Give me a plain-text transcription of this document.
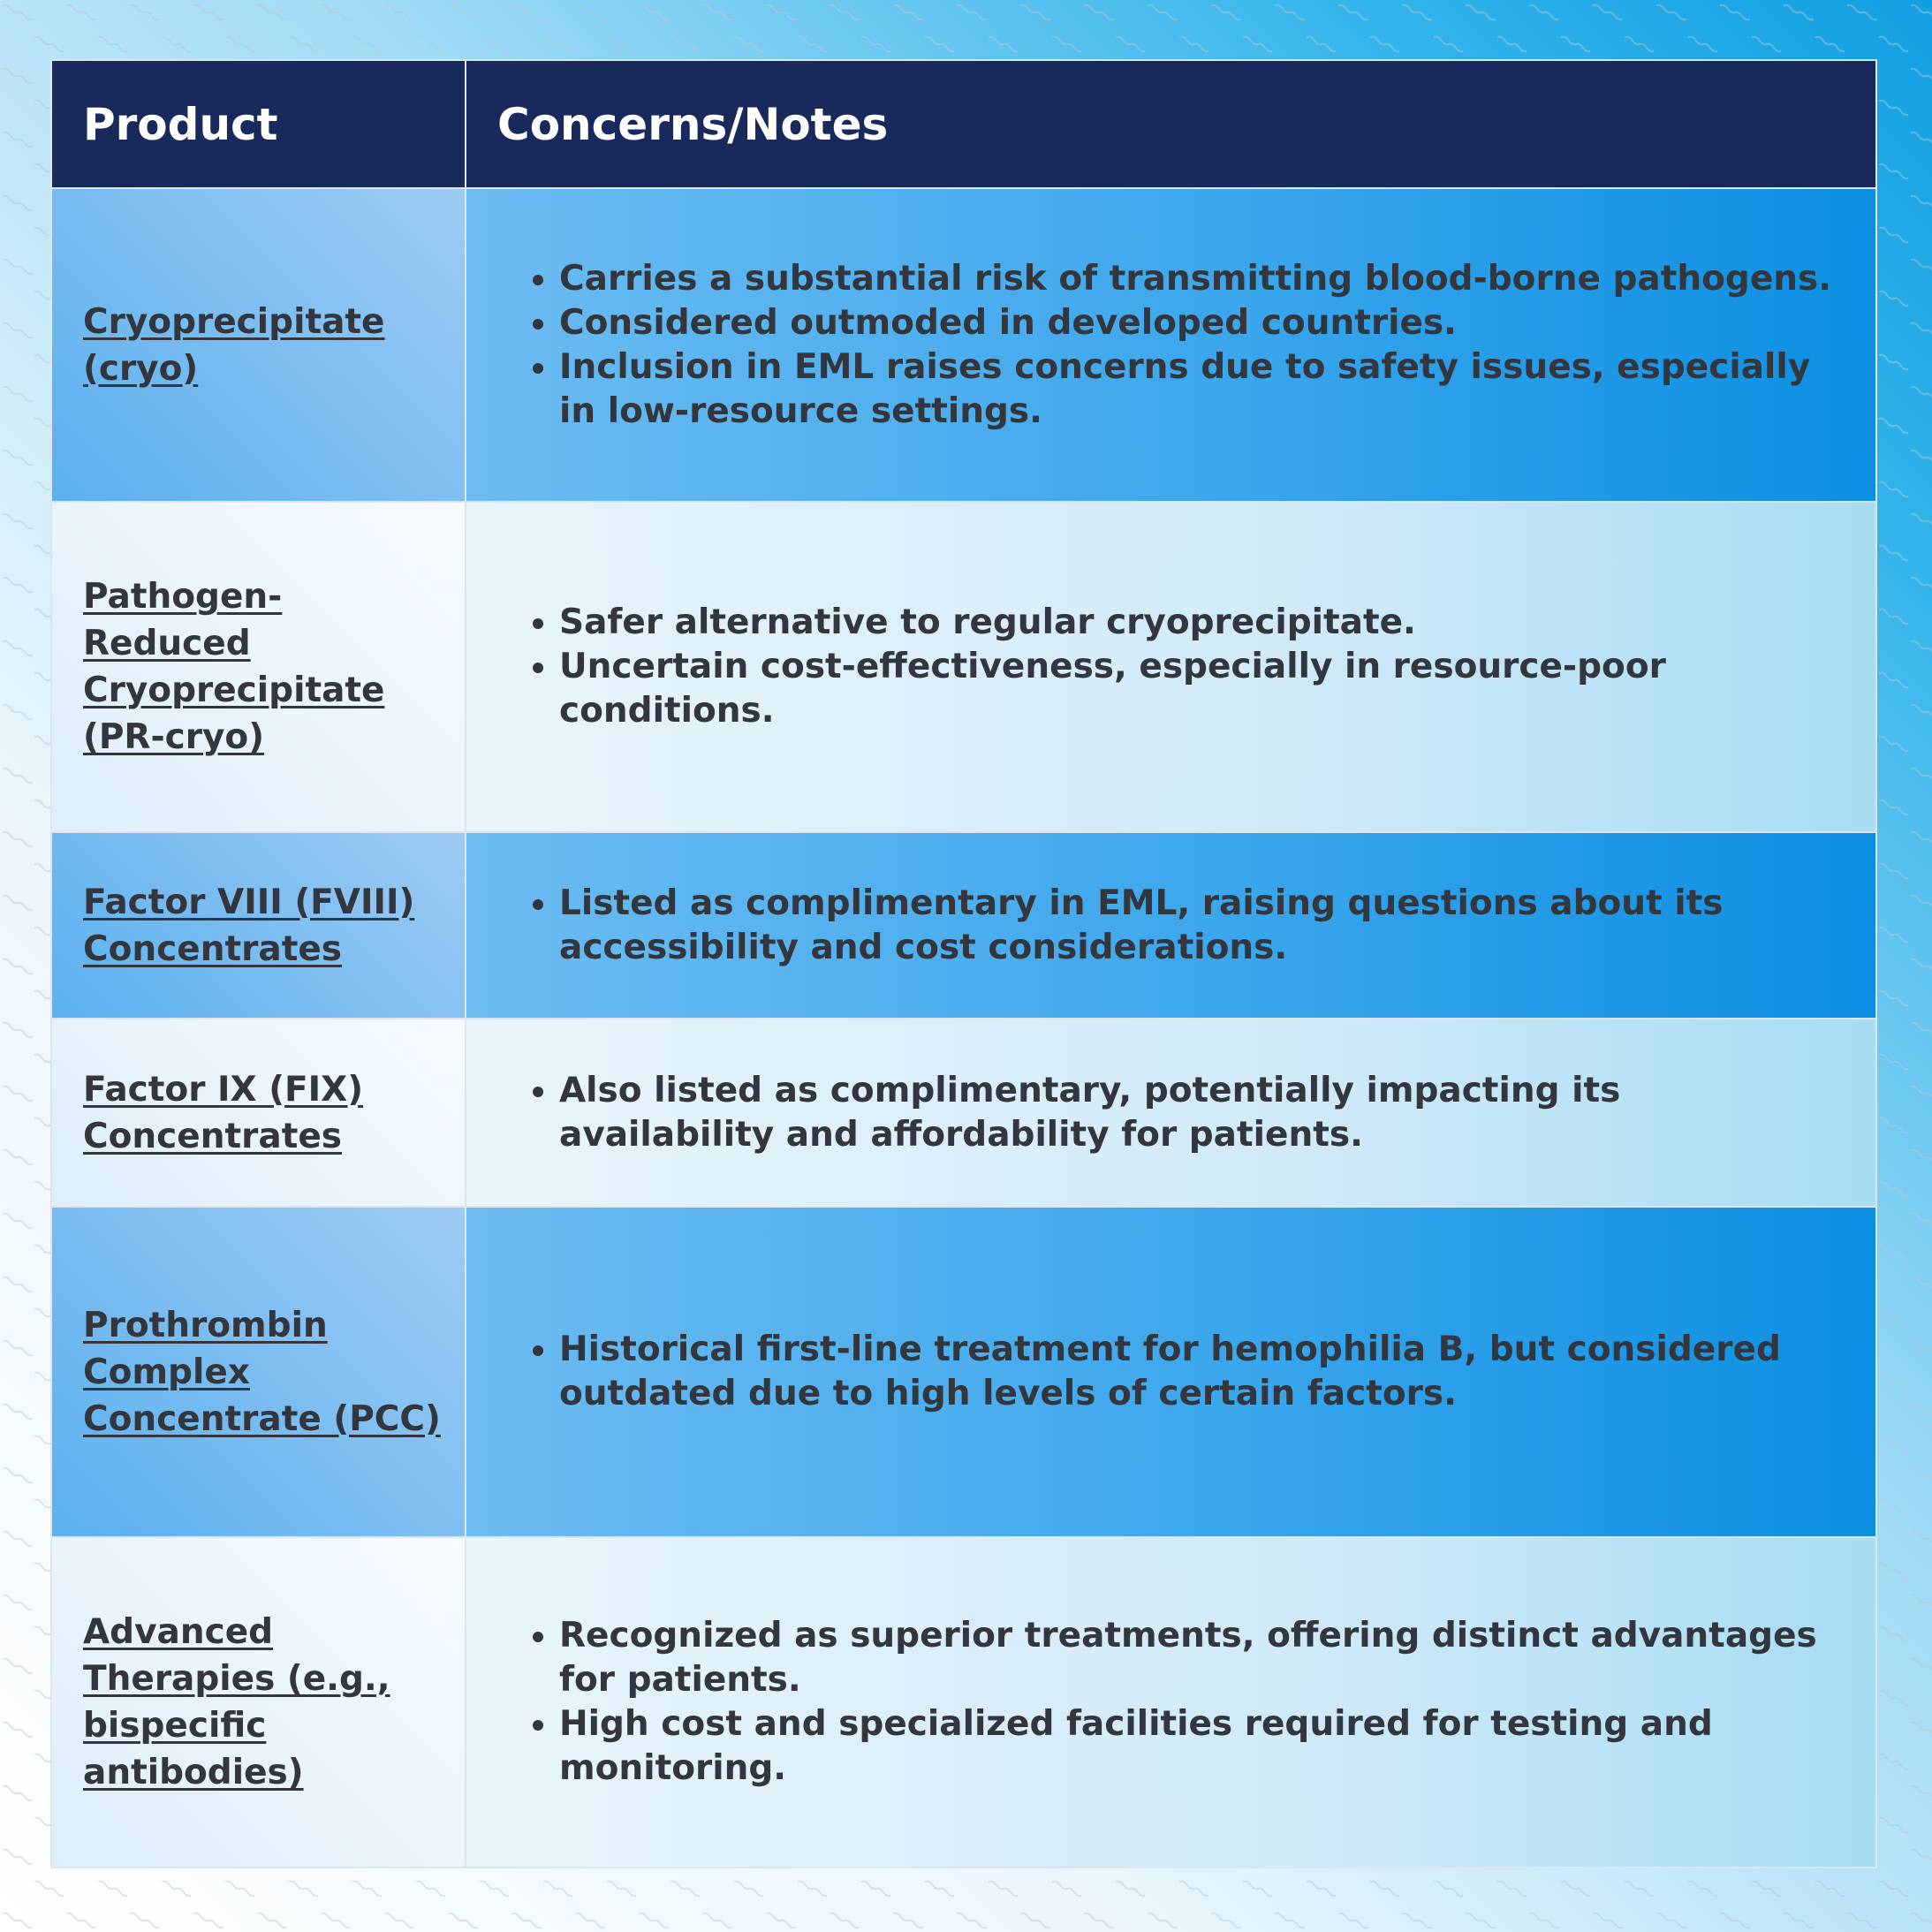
Product	Concerns/Notes
Cryoprecipitate (cryo)
• Carries a substantial risk of transmitting blood-borne pathogens.
• Considered outmoded in developed countries.
• Inclusion in EML raises concerns due to safety issues, especially in low-resource settings.
Pathogen-Reduced Cryoprecipitate (PR-cryo)
• Safer alternative to regular cryoprecipitate.
• Uncertain cost-effectiveness, especially in resource-poor conditions.
Factor VIII (FVIII) Concentrates
• Listed as complimentary in EML, raising questions about its accessibility and cost considerations.
Factor IX (FIX) Concentrates
• Also listed as complimentary, potentially impacting its availability and affordability for patients.
Prothrombin Complex Concentrate (PCC)
• Historical first-line treatment for hemophilia B, but considered outdated due to high levels of certain factors.
Advanced Therapies (e.g., bispecific antibodies)
• Recognized as superior treatments, offering distinct advantages for patients.
• High cost and specialized facilities required for testing and monitoring.
